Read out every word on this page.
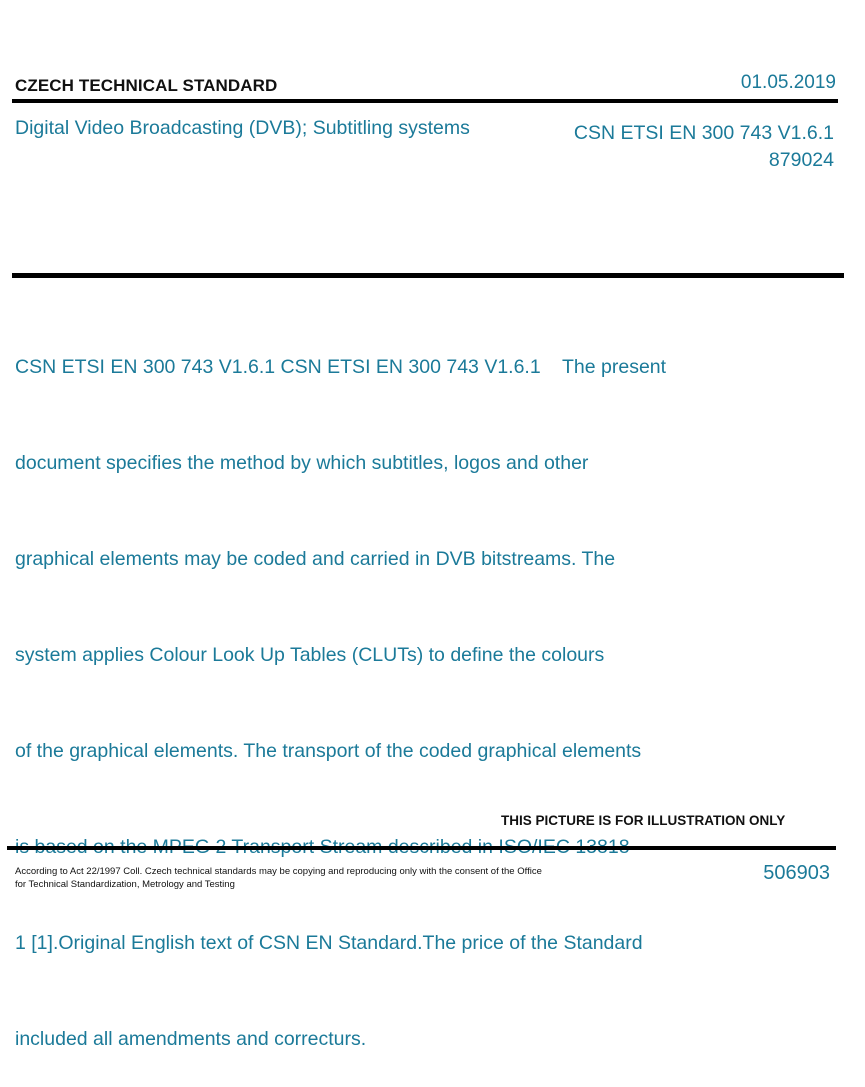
CZECH TECHNICAL STANDARD	01.05.2019
Digital Video Broadcasting (DVB); Subtitling systems	CSN ETSI EN 300 743 V1.6.1
879024

CSN ETSI EN 300 743 V1.6.1 CSN ETSI EN 300 743 V1.6.1    The present

document specifies the method by which subtitles, logos and other

graphical elements may be coded and carried in DVB bitstreams. The

system applies Colour Look Up Tables (CLUTs) to define the colours

of the graphical elements. The transport of the coded graphical elements

1 [1].Original English text of CSN EN Standard.The price of the Standard

included all amendments and correcturs.

THIS PICTURE IS FOR ILLUSTRATION ONLY
According to Act 22/1997 Coll. Czech technical standards may be copying and reproducing only with the consent of the Office
for Technical Standardization, Metrology and Testing
506903
